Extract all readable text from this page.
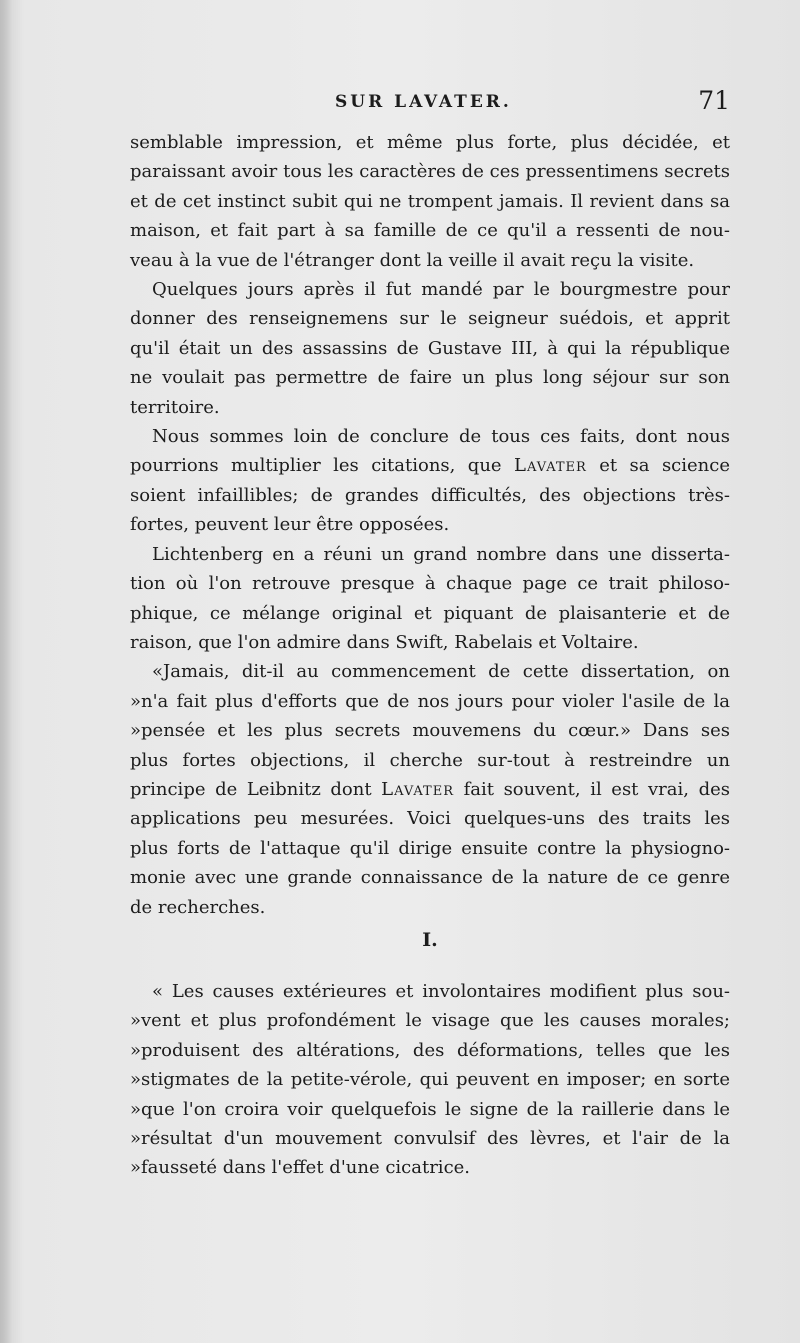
SUR LAVATER.	71
semblable impression, et même plus forte, plus décidée, et
paraissant avoir tous les caractères de ces pressentimens secrets
et de cet instinct subit qui ne trompent jamais. Il revient dans sa
maison, et fait part à sa famille de ce qu'il a ressenti de nou-
veau à la vue de l'étranger dont la veille il avait reçu la visite.
Quelques jours après il fut mandé par le bourgmestre pour
donner des renseignemens sur le seigneur suédois, et apprit
qu'il était un des assassins de Gustave III, à qui la république
ne voulait pas permettre de faire un plus long séjour sur son
territoire.
Nous sommes loin de conclure de tous ces faits, dont nous
pourrions multiplier les citations, que Lavater et sa science
soient infaillibles; de grandes difficultés, des objections très-
fortes, peuvent leur être opposées.
Lichtenberg en a réuni un grand nombre dans une disserta-
tion où l'on retrouve presque à chaque page ce trait philoso-
phique, ce mélange original et piquant de plaisanterie et de
raison, que l'on admire dans Swift, Rabelais et Voltaire.
«Jamais, dit-il au commencement de cette dissertation, on
»n'a fait plus d'efforts que de nos jours pour violer l'asile de la
»pensée et les plus secrets mouvemens du cœur.» Dans ses
plus fortes objections, il cherche sur-tout à restreindre un
principe de Leibnitz dont Lavater fait souvent, il est vrai, des
applications peu mesurées. Voici quelques-uns des traits les
plus forts de l'attaque qu'il dirige ensuite contre la physiogno-
monie avec une grande connaissance de la nature de ce genre
de recherches.
I.
« Les causes extérieures et involontaires modifient plus sou-
»vent et plus profondément le visage que les causes morales;
»produisent des altérations, des déformations, telles que les
»stigmates de la petite-vérole, qui peuvent en imposer; en sorte
»que l'on croira voir quelquefois le signe de la raillerie dans le
»résultat d'un mouvement convulsif des lèvres, et l'air de la
»fausseté dans l'effet d'une cicatrice.
